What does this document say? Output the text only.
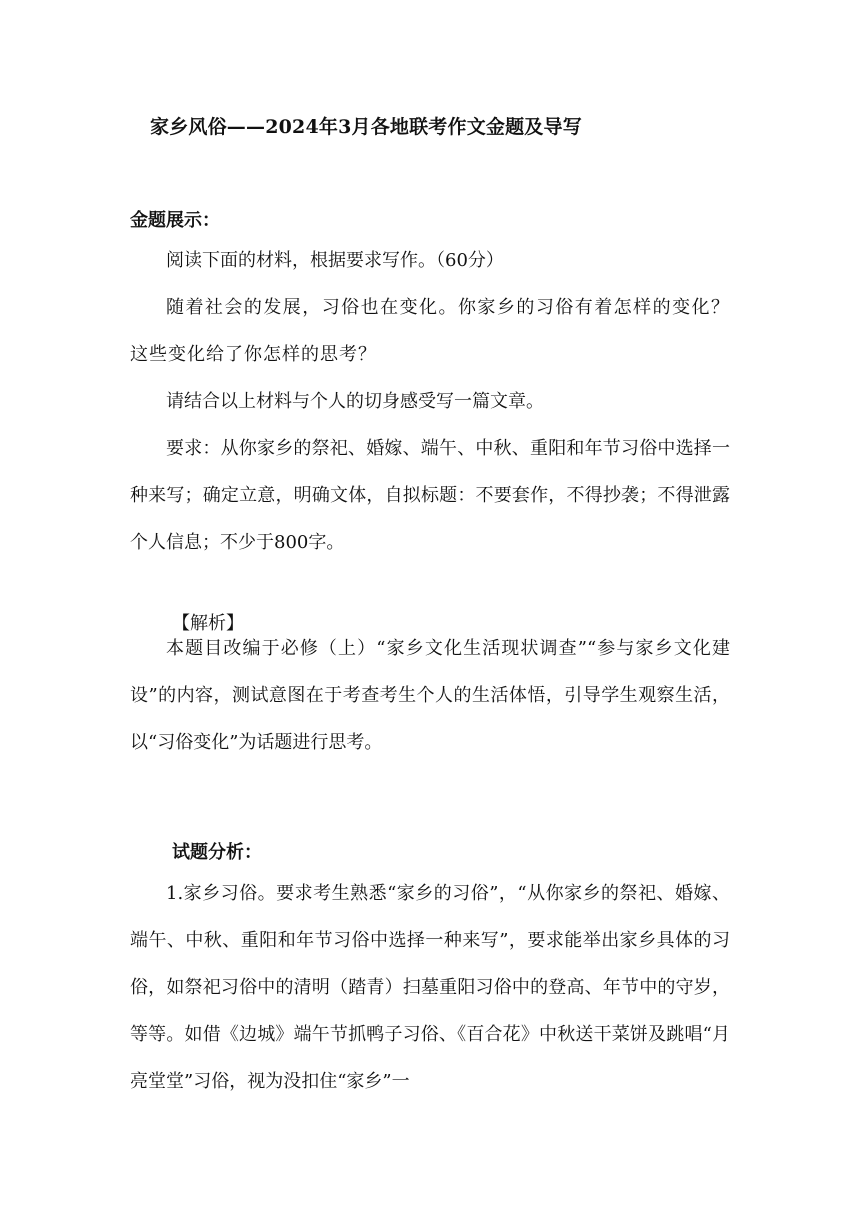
家乡风俗——2024年3月各地联考作文金题及导写
金题展示：

阅读下面的材料，根据要求写作。（60分）

随着社会的发展，习俗也在变化。你家乡的习俗有着怎样的变化？这些变化给了你怎样的思考？

请结合以上材料与个人的切身感受写一篇文章。

要求：从你家乡的祭祀、婚嫁、端午、中秋、重阳和年节习俗中选择一种来写；确定立意，明确文体，自拟标题：不要套作，不得抄袭；不得泄露个人信息；不少于800字。

【解析】

本题目改编于必修（上）“家乡文化生活现状调查”“参与家乡文化建设”的内容，测试意图在于考查考生个人的生活体悟，引导学生观察生活，以“习俗变化”为话题进行思考。

试题分析：

1.家乡习俗。要求考生熟悉“家乡的习俗”，“从你家乡的祭祀、婚嫁、端午、中秋、重阳和年节习俗中选择一种来写”，要求能举出家乡具体的习俗，如祭祀习俗中的清明（踏青）扫墓重阳习俗中的登高、年节中的守岁，等等。如借《边城》端午节抓鸭子习俗、《百合花》中秋送干菜饼及跳唱“月亮堂堂”习俗，视为没扣住“家乡”一
